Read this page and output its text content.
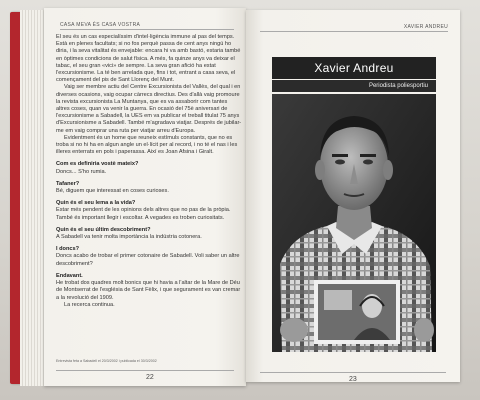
CASA MEVA ÉS CASA VOSTRA

El seu és un cas especialíssim d'intel·ligència immune al pas del temps. Està en plenes facultats; si no fos perquè passa de cent anys ningú ho diria, i la seva vitalitat és envejable: encara hi va amb bastó, estaria també en òptimes condicions de salut física. A més, fa quinze anys va deixar el tabac, el seu gran «vici» de sempre. La seva gran afició ha estat l'excursionisme. La té ben arrelada que, fins i tot, entrant a casa seva, el començament del pis de Sant Llorenç del Munt.

Vaig ser membre actiu del Centre Excursionista del Vallès, del qual i en diverses ocasions, vaig ocupar càrrecs directius. Des d'allà vaig promoure la revista excursionista La Muntanya, que es va assaborir com tantes altres coses, quan va venir la guerra. En ocasió del 75è aniversari de l'excursionisme a Sabadell, la UES em va publicar el treball titulat 75 anys d'Excursionisme a Sabadell. També m'agradava viatjar. Després de jubilar-me em vaig comprar una ruta per viatjar arreu d'Europa.

Evidentment és un home que reuneix estímuls constants, que no es troba si no hi ha en algun angle un el·lícit per al record, i no té el nas i les illeres enterrats en pols i paperassa. Així es Joan Afsina i Giralt.

Com es definiria vostè mateix?

Doncs... S'ho rumia.

Tafaner?

Bé, diguem que interessat en coses curioses.

Quin és el seu lema a la vida?

Estar més pendent de les opinions dels altres que no pas de la pròpia. També és important llegir i escoltar. A vegades es troben curiositats.

Quin és el seu últim descobriment?

A Sabadell va tenir molta importància la indústria cotonera.

I doncs?

Doncs acabo de trobar el primer cotonaire de Sabadell. Voli saber un altre descobriment?

Endavant.

He trobat dos quadres molt bonics que hi havia a l'altar de la Mare de Déu de Montserrat de l'església de Sant Fèlix, i que segurament es van cremar a la revolució del 1909.

La recerca continua.

Entrevista feta a Sabadell el 20/3/2002 i publicada el 30/3/2002
22
XAVIER ANDREU
Xavier Andreu
Periodista poliesportiu
23
